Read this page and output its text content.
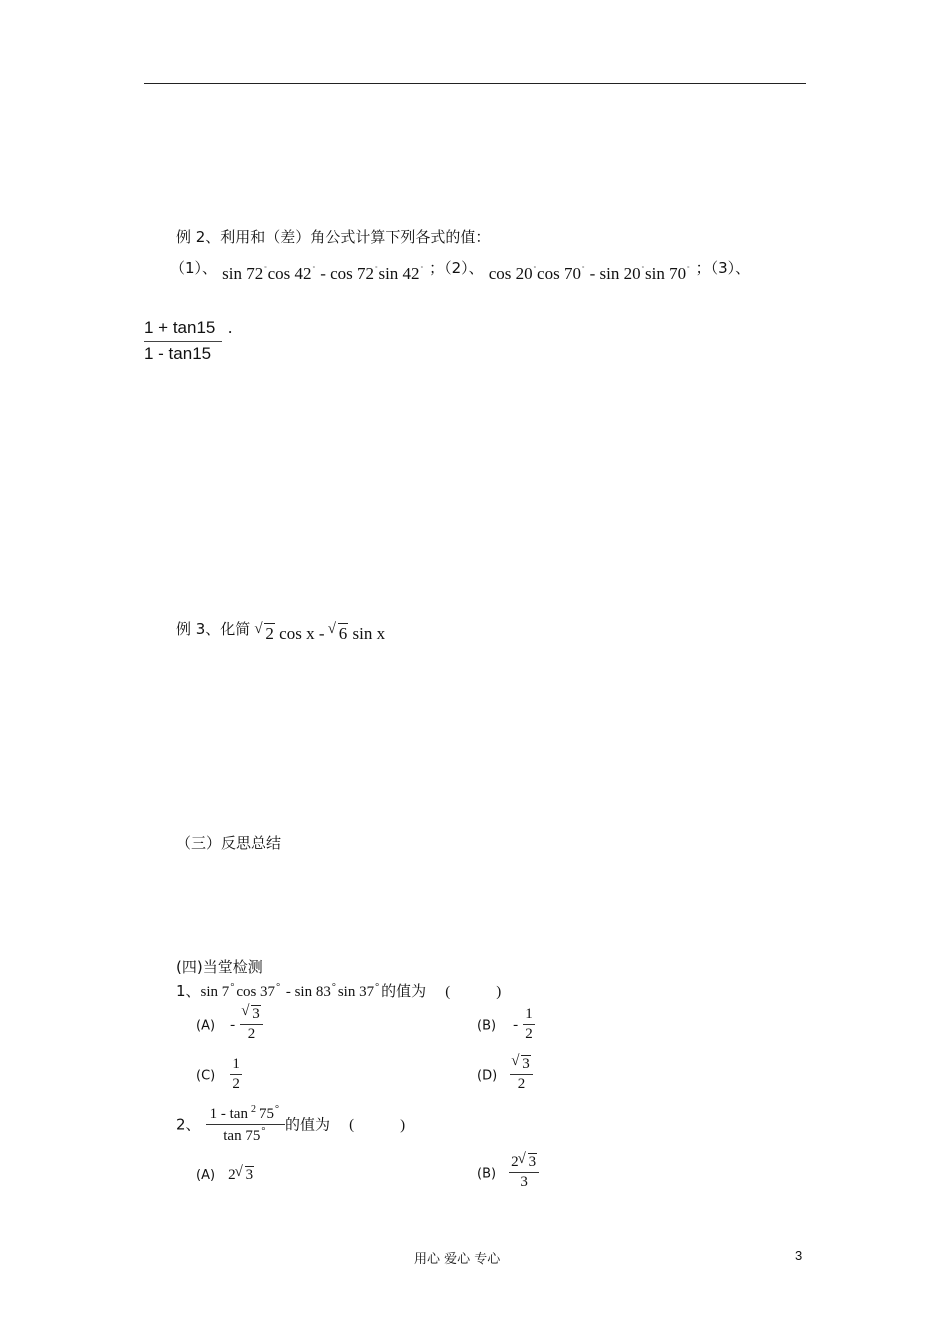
例 2、利用和（差）角公式计算下列各式的值：
（1）、 sin 72°cos 42° - cos 72°sin 42° ；（2）、 cos 20°cos 70° - sin 20°sin 70° ；（3）、
1 + tan15
1 - tan15
.
例 3、化简 √ 2 cos x - √ 6 sin x
（三）反思总结
(四)当堂检测
1、sin 7° cos 37° - sin 83° sin 37° 的值为 (	)
(A) - √ $\frac{3}{2}$	$(B) - \frac{1}{2}$
$(C) \frac{1}{2}$	(D) √ $\frac{3}{2}$
2、 $\frac{1 - \tan ^2 75^\circ}{\tan 75^\circ}$ 的值为 (	)
(A) 2 √ 3	$(B) \frac{2 √ 3}{3}$
用心 爱心 专心	3
